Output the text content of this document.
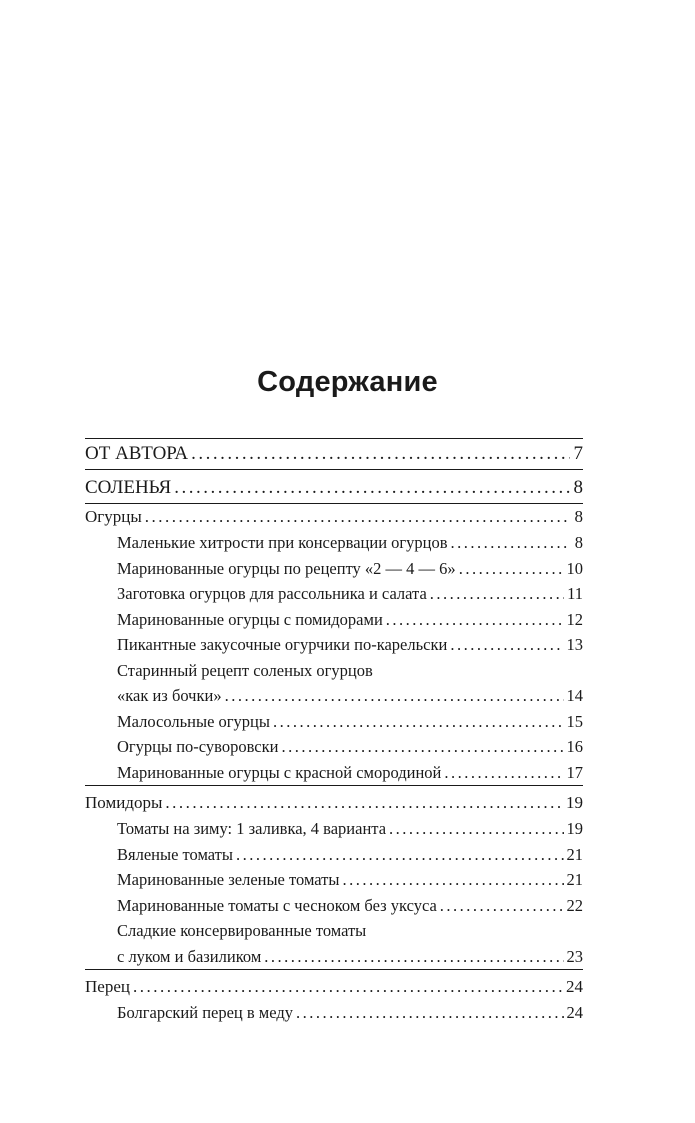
Содержание
ОТ АВТОРА .....	7
СОЛЕНЬЯ .....	8
Огурцы .....	8
Маленькие хитрости при консервации огурцов .....	8
Маринованные огурцы по рецепту «2 — 4 — 6» .....	10
Заготовка огурцов для рассольника и салата .....	11
Маринованные огурцы с помидорами .....	12
Пикантные закусочные огурчики по-карельски .....	13
Старинный рецепт соленых огурцов
«как из бочки» .....	14
Малосольные огурцы .....	15
Огурцы по-суворовски .....	16
Маринованные огурцы с красной смородиной .....	17
Помидоры .....	19
Томаты на зиму: 1 заливка, 4 варианта .....	19
Вяленые томаты .....	21
Маринованные зеленые томаты .....	21
Маринованные томаты с чесноком без уксуса .....	22
Сладкие консервированные томаты
с луком и базиликом .....	23
Перец .....	24
Болгарский перец в меду .....	24
